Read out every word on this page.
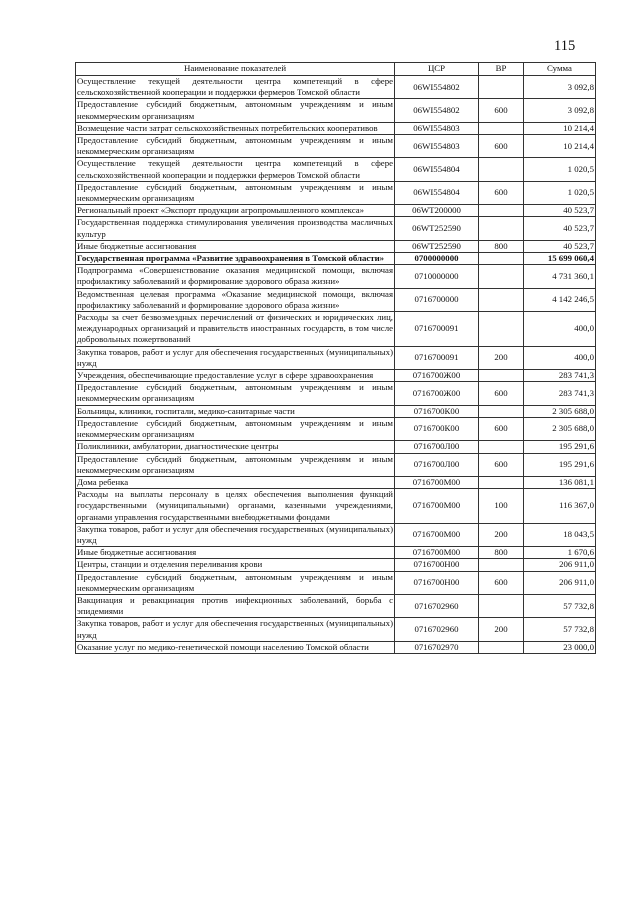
115
Наименование показателей	ЦСР	ВР	Сумма
Осуществление текущей деятельности центра компетенций в сфере сельскохозяйственной кооперации и поддержки фермеров Томской области	06WI554802		3 092,8
Предоставление субсидий бюджетным, автономным учреждениям и иным некоммерческим организациям	06WI554802	600	3 092,8
Возмещение части затрат сельскохозяйственных потребительских кооперативов	06WI554803		10 214,4
Предоставление субсидий бюджетным, автономным учреждениям и иным некоммерческим организациям	06WI554803	600	10 214,4
Осуществление текущей деятельности центра компетенций в сфере сельскохозяйственной кооперации и поддержки фермеров Томской области	06WI554804		1 020,5
Предоставление субсидий бюджетным, автономным учреждениям и иным некоммерческим организациям	06WI554804	600	1 020,5
Региональный проект «Экспорт продукции агропромышленного комплекса»	06WT200000		40 523,7
Государственная поддержка стимулирования увеличения производства масличных культур	06WT252590		40 523,7
Иные бюджетные ассигнования	06WT252590	800	40 523,7
Государственная программа «Развитие здравоохранения в Томской области»	0700000000		15 699 060,4
Подпрограмма «Совершенствование оказания медицинской помощи, включая профилактику заболеваний и формирование здорового образа жизни»	0710000000		4 731 360,1
Ведомственная целевая программа «Оказание медицинской помощи, включая профилактику заболеваний и формирование здорового образа жизни»	0716700000		4 142 246,5
Расходы за счет безвозмездных перечислений от физических и юридических лиц, международных организаций и правительств иностранных государств, в том числе добровольных пожертвований	0716700091		400,0
Закупка товаров, работ и услуг для обеспечения государственных (муниципальных) нужд	0716700091	200	400,0
Учреждения, обеспечивающие предоставление услуг в сфере здравоохранения	0716700Ж00		283 741,3
Предоставление субсидий бюджетным, автономным учреждениям и иным некоммерческим организациям	0716700Ж00	600	283 741,3
Больницы, клиники, госпитали, медико-санитарные части	0716700К00		2 305 688,0
Предоставление субсидий бюджетным, автономным учреждениям и иным некоммерческим организациям	0716700К00	600	2 305 688,0
Поликлиники, амбулатории, диагностические центры	0716700Л00		195 291,6
Предоставление субсидий бюджетным, автономным учреждениям и иным некоммерческим организациям	0716700Л00	600	195 291,6
Дома ребенка	0716700М00		136 081,1
Расходы на выплаты персоналу в целях обеспечения выполнения функций государственными (муниципальными) органами, казенными учреждениями, органами управления государственными внебюджетными фондами	0716700М00	100	116 367,0
Закупка товаров, работ и услуг для обеспечения государственных (муниципальных) нужд	0716700М00	200	18 043,5
Иные бюджетные ассигнования	0716700М00	800	1 670,6
Центры, станции и отделения переливания крови	0716700Н00		206 911,0
Предоставление субсидий бюджетным, автономным учреждениям и иным некоммерческим организациям	0716700Н00	600	206 911,0
Вакцинация и ревакцинация против инфекционных заболеваний, борьба с эпидемиями	0716702960		57 732,8
Закупка товаров, работ и услуг для обеспечения государственных (муниципальных) нужд	0716702960	200	57 732,8
Оказание услуг по медико-генетической помощи населению Томской области	0716702970		23 000,0
